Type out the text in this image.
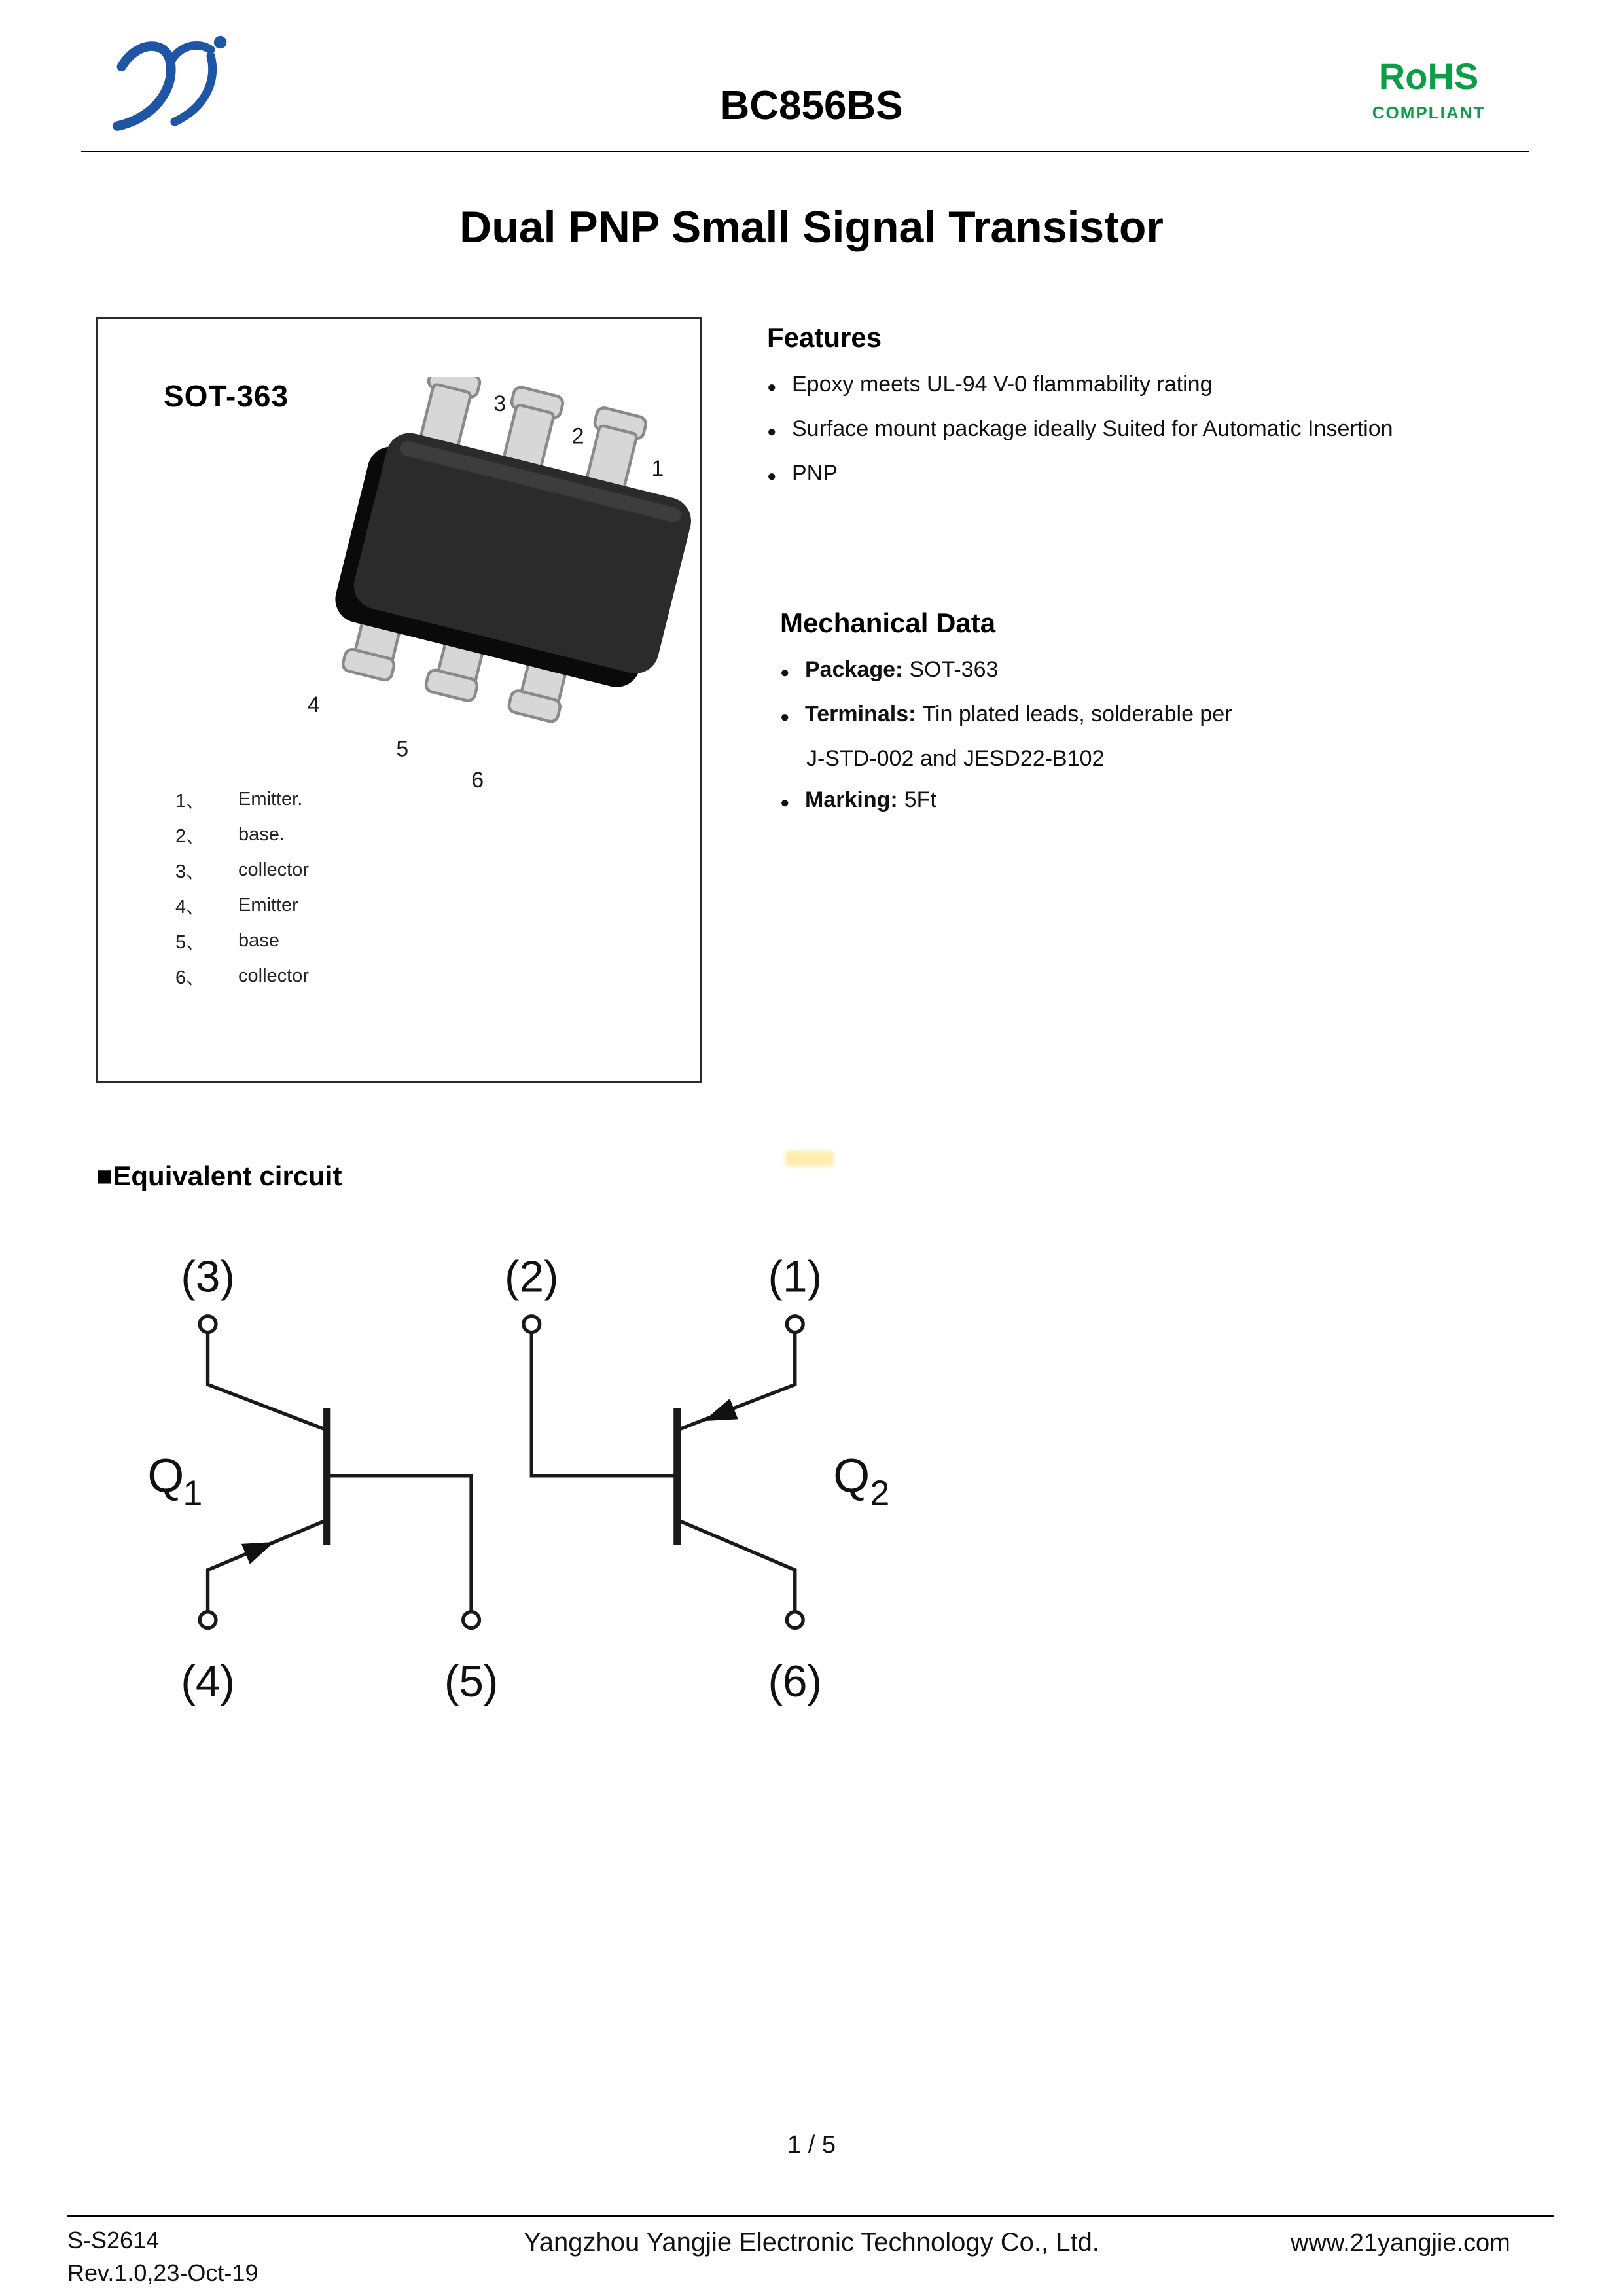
BC856BS
RoHS
COMPLIANT
Dual PNP Small Signal Transistor
SOT-363
1
2
3
4
5
6
1、	Emitter.
2、	base.
3、	collector
4、	Emitter
5、	base
6、	collector
Features
● Epoxy meets UL-94 V-0 flammability rating
● Surface mount package ideally Suited for Automatic Insertion
● PNP
Mechanical Data
● Package: SOT-363
● Terminals: Tin plated leads, solderable per
J-STD-002 and JESD22-B102
● Marking: 5Ft
■Equivalent circuit
(3)	(2)	(1)
(4)	(5)	(6)
Q
1	Q 2
1 / 5
S-S2614
Rev.1.0,23-Oct-19
Yangzhou Yangjie Electronic Technology Co., Ltd.	www.21yangjie.com
